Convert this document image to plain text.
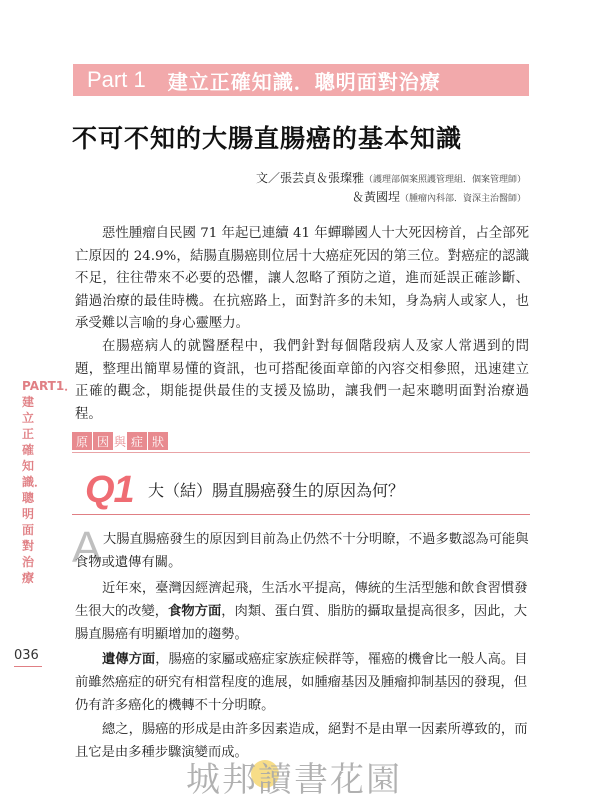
Part 1 建立正確知識．聰明面對治療
不可不知的大腸直腸癌的基本知識
文／張芸貞＆張璨雅（護理部個案照護管理組．個案管理師）
＆黃國埕（腫瘤內科部．資深主治醫師）

惡性腫瘤自民國 71 年起已連續 41 年蟬聯國人十大死因榜首，占全部死亡原因的 24.9%，結腸直腸癌則位居十大癌症死因的第三位。對癌症的認識不足，往往帶來不必要的恐懼，讓人忽略了預防之道，進而延誤正確診斷、錯過治療的最佳時機。在抗癌路上，面對許多的未知，身為病人或家人，也承受難以言喻的身心靈壓力。

在腸癌病人的就醫歷程中，我們針對每個階段病人及家人常遇到的問題，整理出簡單易懂的資訊，也可搭配後面章節的內容交相參照，迅速建立正確的觀念，期能提供最佳的支援及協助，讓我們一起來聰明面對治療過程。

PART1．建立正確知識．聰明面對治療
036
原 因 與 症 狀
Q1 大（結）腸直腸癌發生的原因為何？
A 大腸直腸癌發生的原因到目前為止仍然不十分明瞭，不過多數認為可能與食物或遺傳有關。

近年來，臺灣因經濟起飛，生活水平提高，傳統的生活型態和飲食習慣發生很大的改變，食物方面，肉類、蛋白質、脂肪的攝取量提高很多，因此，大腸直腸癌有明顯增加的趨勢。

遺傳方面，腸癌的家屬或癌症家族症候群等，罹癌的機會比一般人高。目前雖然癌症的研究有相當程度的進展，如腫瘤基因及腫瘤抑制基因的發現，但仍有許多癌化的機轉不十分明瞭。

總之，腸癌的形成是由許多因素造成，絕對不是由單一因素所導致的，而且它是由多種步驟演變而成。

城邦讀書花園
